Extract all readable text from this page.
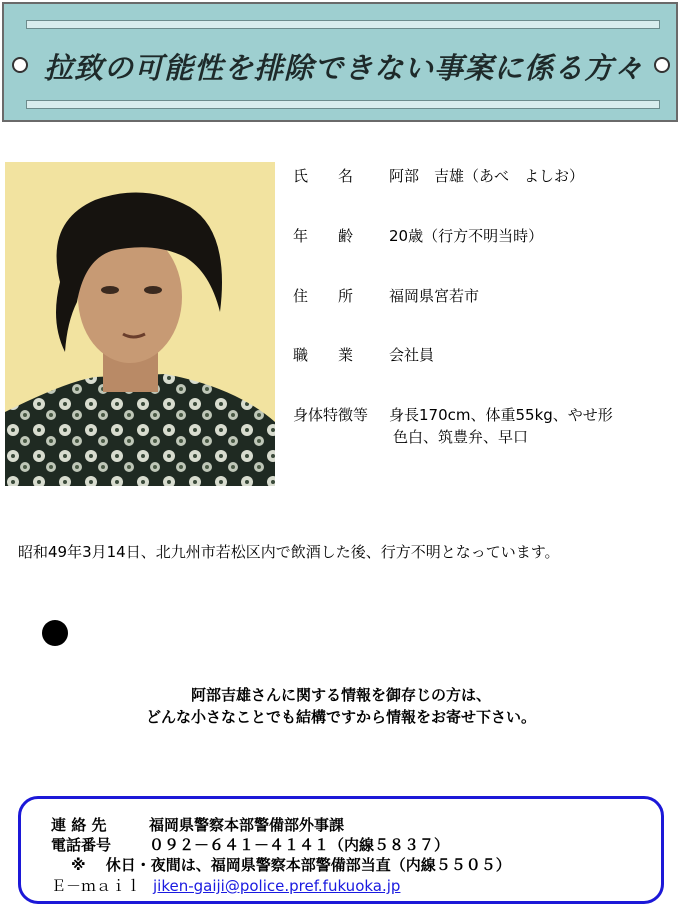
拉致の可能性を排除できない事案に係る方々
氏　　名 阿部　吉雄（あべ　よしお）
年　　齢 20歳（行方不明当時）
住　　所 福岡県宮若市
職　　業 会社員
身体特徴等 身長170cm、体重55kg、やせ形
色白、筑豊弁、早口
昭和49年3月14日、北九州市若松区内で飲酒した後、行方不明となっています。
阿部吉雄さんに関する情報を御存じの方は、
どんな小さなことでも結構ですから情報をお寄せ下さい。
連 絡 先	福岡県警察本部警備部外事課
電話番号	０９２－６４１－４１４１（内線５８３７）
※　 休日・夜間は、福岡県警察本部警備部当直（内線５５０５）
Ｅ－ｍａｉｌ jiken-gaiji@police.pref.fukuoka.jp
